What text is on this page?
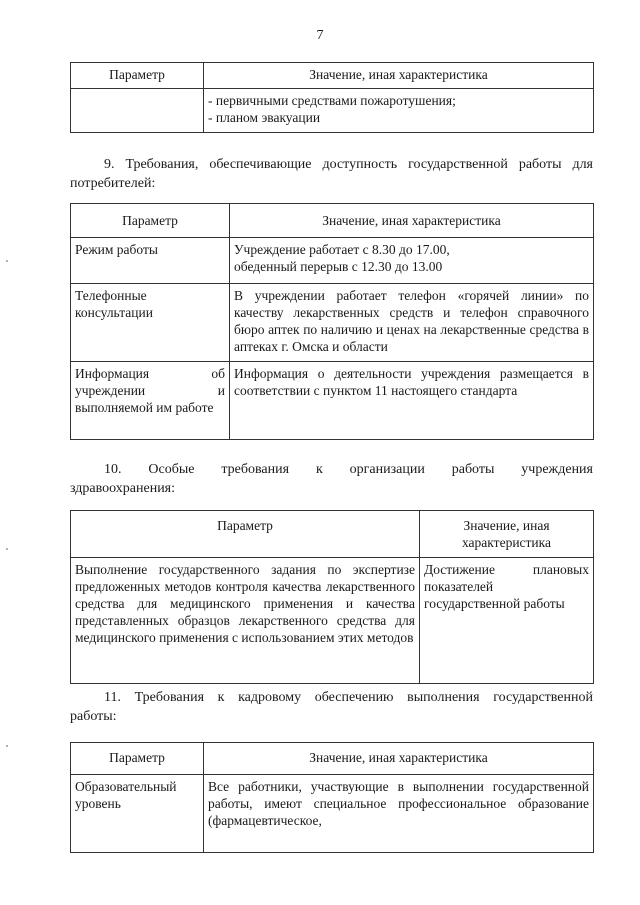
7
Параметр	Значение, иная характеристика

	- первичными средствами пожаротушения;
- планом эвакуации
9. Требования, обеспечивающие доступность государственной работы для
потребителей:
Параметр	Значение, иная характеристика
Режим работы	Учреждение работает с 8.30 до 17.00, обеденный перерыв с 12.30 до 13.00
Телефонные консультации	В учреждении работает телефон «горячей линии» по качеству лекарственных средств и телефон справочного бюро аптек по наличию и ценах на лекарственные средства в аптеках г. Омска и области
Информация об учреждении и выполняемой им работе	Информация о деятельности учреждения размещается в соответствии с пунктом 11 настоящего стандарта
10. Особые требования к организации работы учреждения
здравоохранения:
Параметр	Значение, иная характеристика
Выполнение государственного задания по экспертизе предложенных методов контроля качества лекарственного средства для медицинского применения и качества представленных образцов лекарственного средства для медицинского применения с использованием этих методов	Достижение плановых показателей государственной работы
11. Требования к кадровому обеспечению выполнения государственной
работы:
Параметр	Значение, иная характеристика
Образовательный уровень	Все работники, участвующие в выполнении государственной работы, имеют специальное профессиональное образование (фармацевтическое,
